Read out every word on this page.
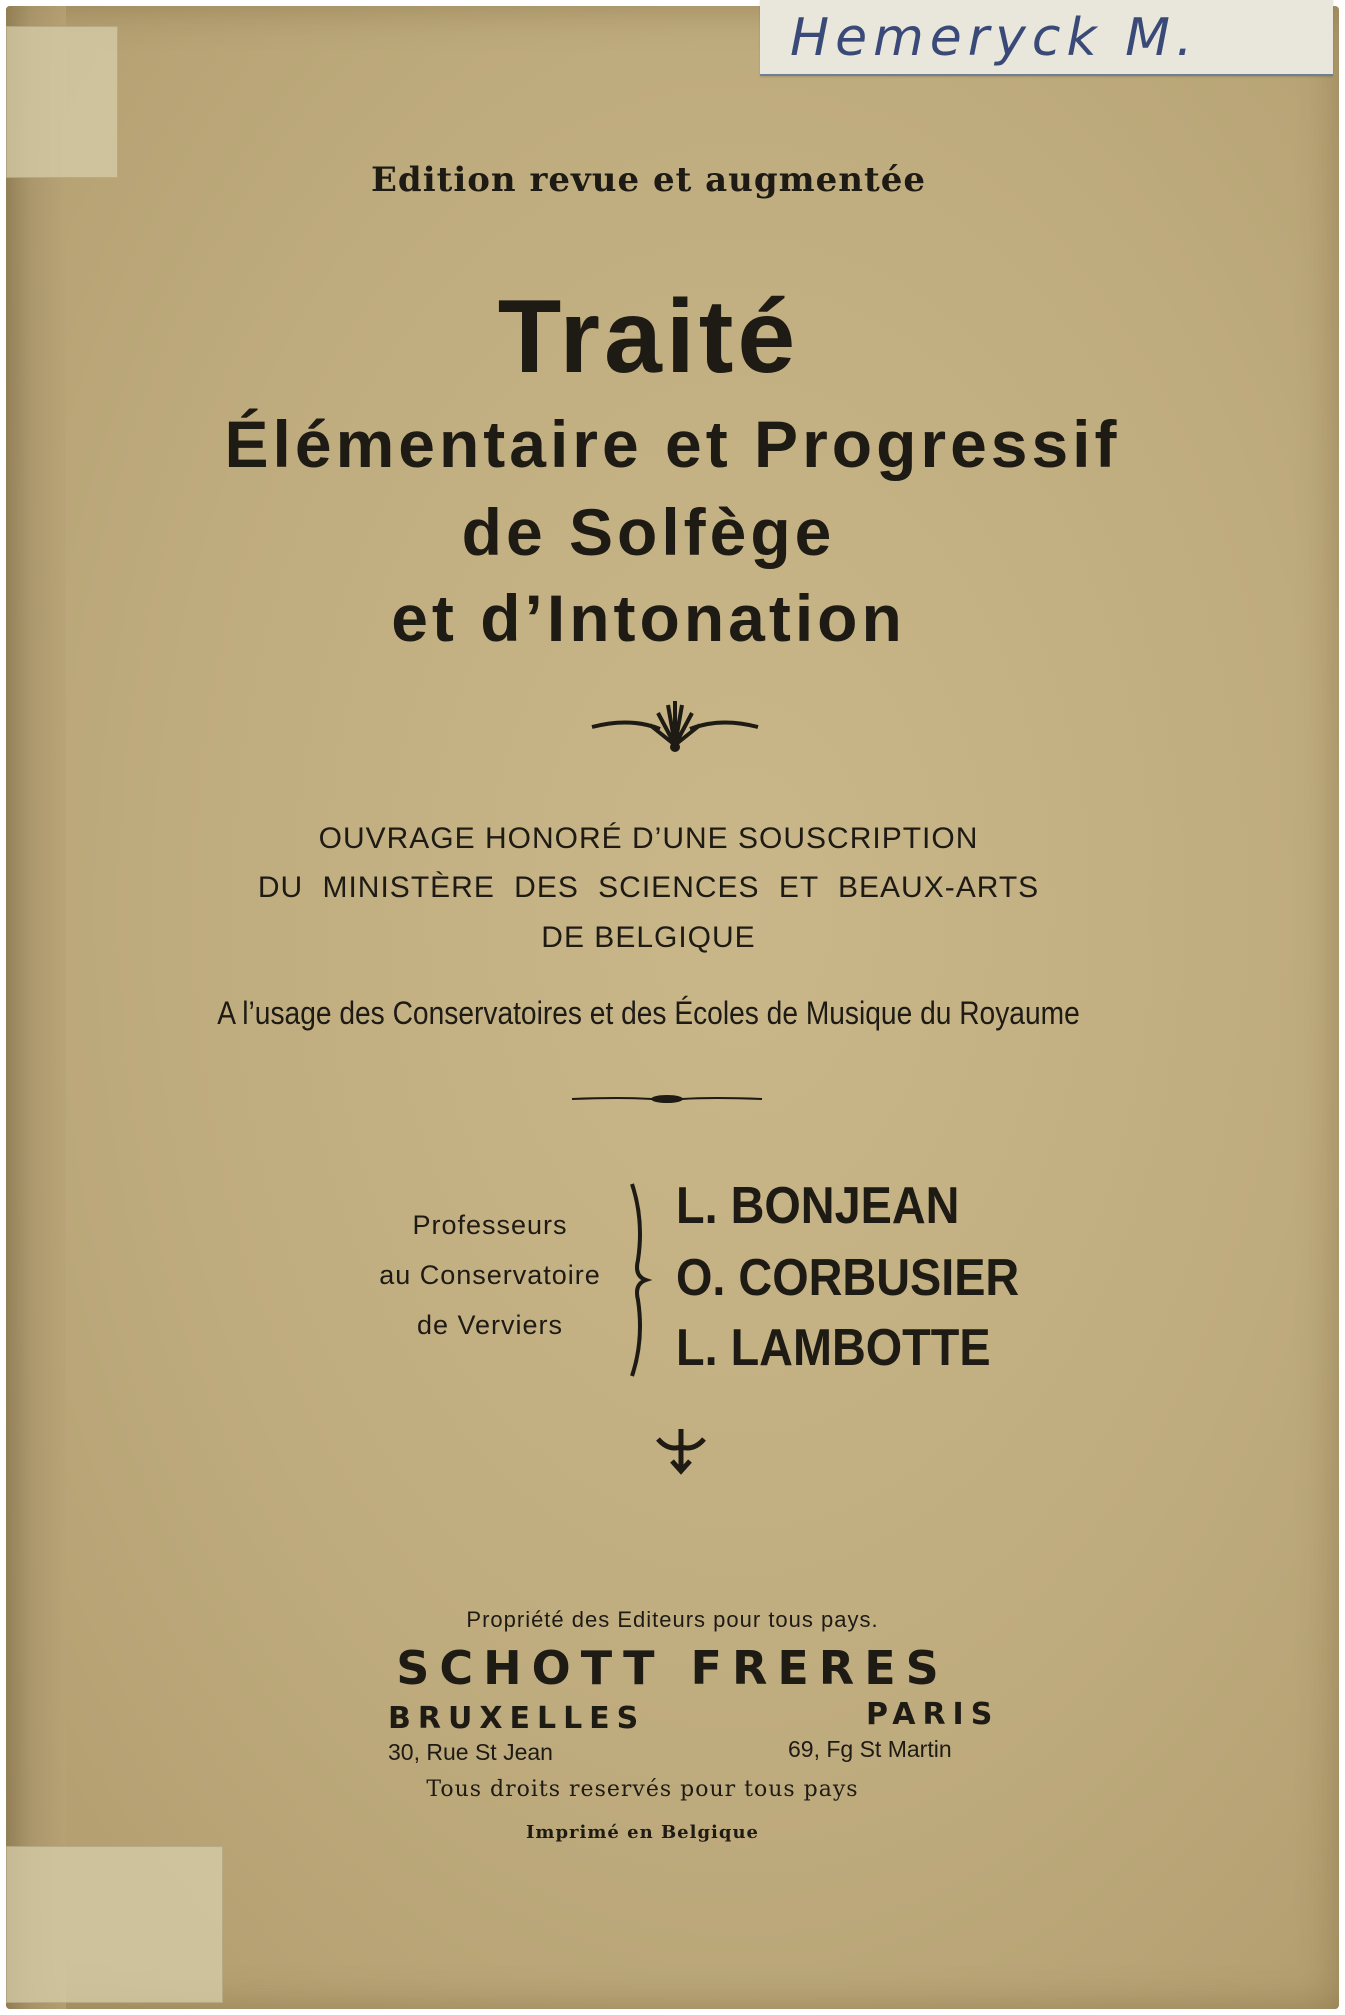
Hemeryck M.
Edition revue et augmentée
Traité
Élémentaire et Progressif
de Solfège
et d’Intonation
OUVRAGE HONORÉ D’UNE SOUSCRIPTION
DU MINISTÈRE DES SCIENCES ET BEAUX-ARTS
DE BELGIQUE
A l’usage des Conservatoires et des Écoles de Musique du Royaume
Professeurs
au Conservatoire
de Verviers
L. BONJEAN
O. CORBUSIER
L. LAMBOTTE
Propriété des Editeurs pour tous pays.
SCHOTT FRERES
BRUXELLES	PARIS
30, Rue St Jean	69, Fg St Martin
Tous droits reservés pour tous pays
Imprimé en Belgique
